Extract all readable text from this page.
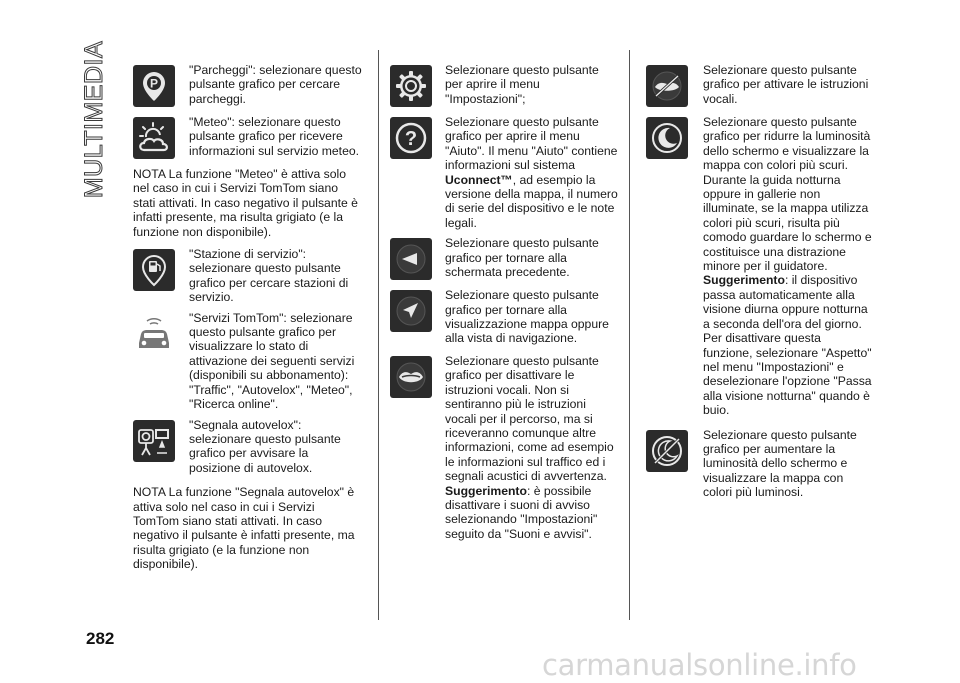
MULTIMEDIA
282
carmanualsonline.info
P
"Parcheggi": selezionare questo pulsante grafico per cercare parcheggi.
"Meteo": selezionare questo pulsante grafico per ricevere informazioni sul servizio meteo.

NOTA La funzione "Meteo" è attiva solo nel caso in cui i Servizi TomTom siano stati attivati. In caso negativo il pulsante è infatti presente, ma risulta grigiato (e la funzione non disponibile).

"Stazione di servizio": selezionare questo pulsante grafico per cercare stazioni di servizio.
"Servizi TomTom": selezionare questo pulsante grafico per visualizzare lo stato di attivazione dei seguenti servizi (disponibili su abbonamento): "Traffic", "Autovelox", "Meteo", "Ricerca online".
"Segnala autovelox": selezionare questo pulsante grafico per avvisare la posizione di autovelox.

NOTA La funzione "Segnala autovelox" è attiva solo nel caso in cui i Servizi TomTom siano stati attivati. In caso negativo il pulsante è infatti presente, ma risulta grigiato (e la funzione non disponibile).

Selezionare questo pulsante per aprire il menu "Impostazioni";
?
Selezionare questo pulsante grafico per aprire il menu "Aiuto". Il menu "Aiuto" contiene informazioni sul sistema Uconnect™, ad esempio la versione della mappa, il numero di serie del dispositivo e le note legali.
Selezionare questo pulsante grafico per tornare alla schermata precedente.
Selezionare questo pulsante grafico per tornare alla visualizzazione mappa oppure alla vista di navigazione.
Selezionare questo pulsante grafico per disattivare le istruzioni vocali. Non si sentiranno più le istruzioni vocali per il percorso, ma si riceveranno comunque altre informazioni, come ad esempio le informazioni sul traffico ed i segnali acustici di avvertenza.
Suggerimento: è possibile disattivare i suoni di avviso selezionando "Impostazioni" seguito da "Suoni e avvisi".
Selezionare questo pulsante grafico per attivare le istruzioni vocali.
Selezionare questo pulsante grafico per ridurre la luminosità dello schermo e visualizzare la mappa con colori più scuri. Durante la guida notturna oppure in gallerie non illuminate, se la mappa utilizza colori più scuri, risulta più comodo guardare lo schermo e costituisce una distrazione minore per il guidatore.
Suggerimento: il dispositivo passa automaticamente alla visione diurna oppure notturna a seconda dell'ora del giorno. Per disattivare questa funzione, selezionare "Aspetto" nel menu "Impostazioni" e deselezionare l'opzione "Passa alla visione notturna" quando è buio.
Selezionare questo pulsante grafico per aumentare la luminosità dello schermo e visualizzare la mappa con colori più luminosi.
